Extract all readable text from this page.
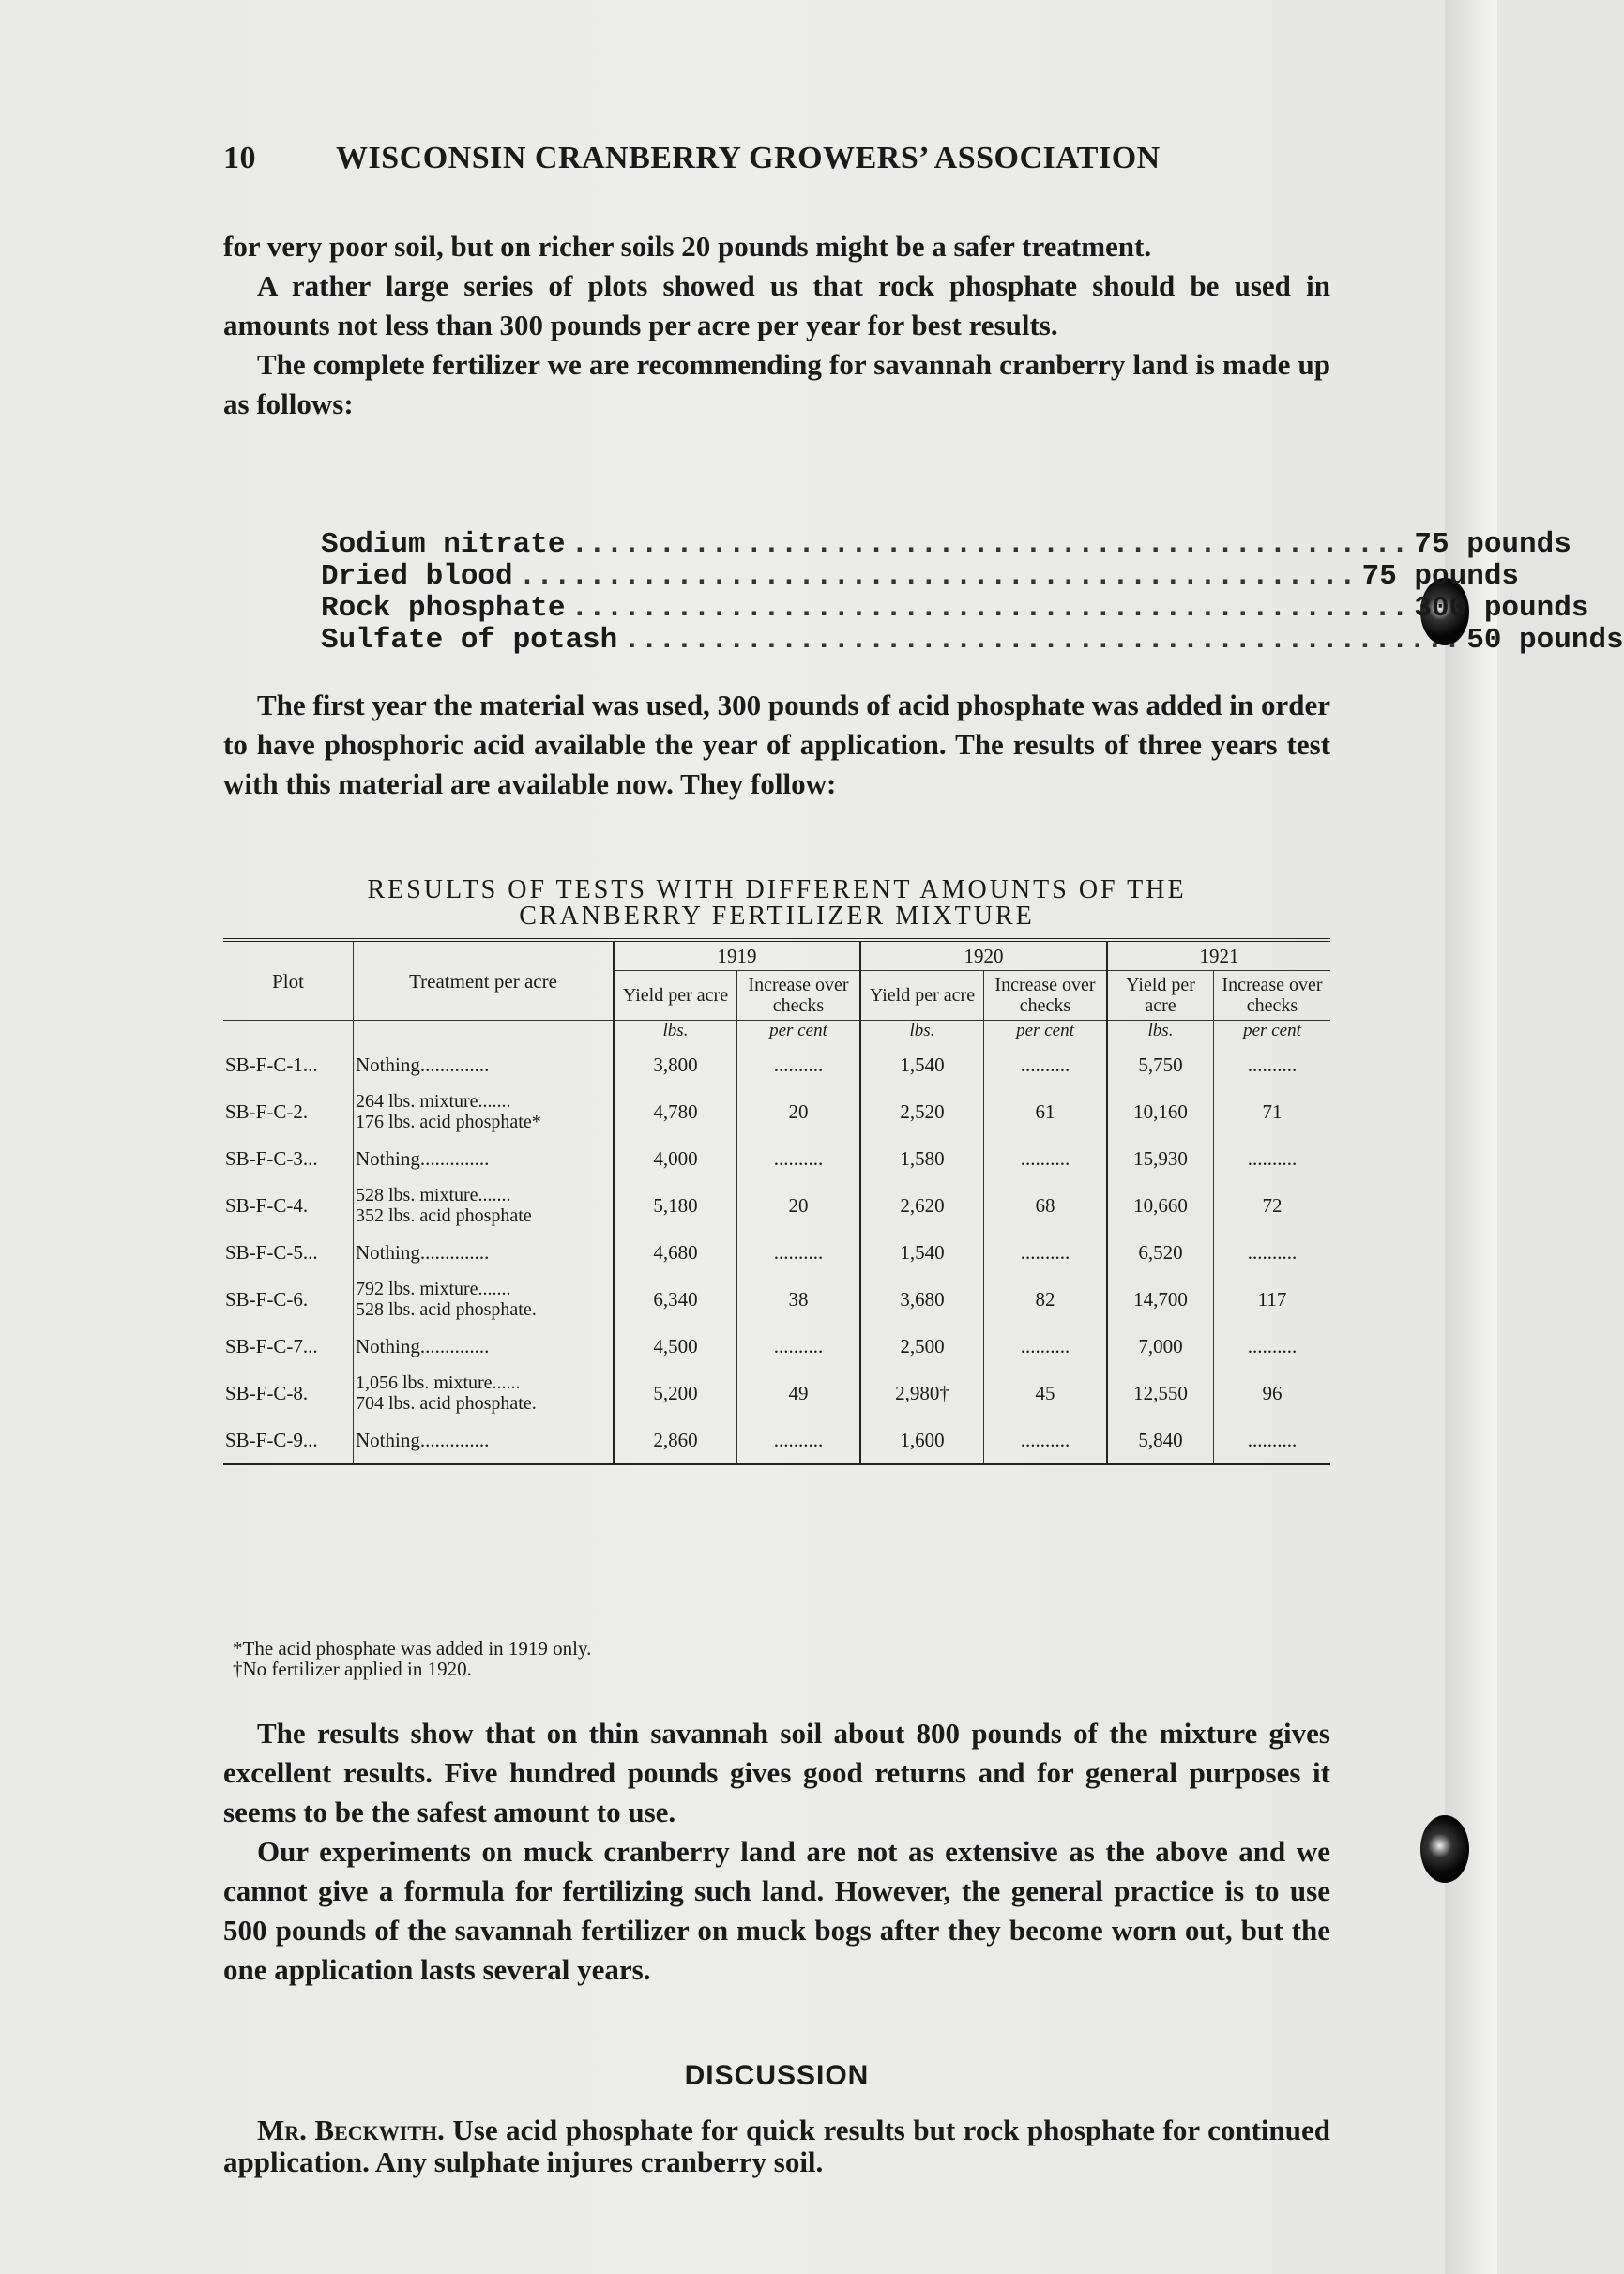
10	WISCONSIN CRANBERRY GROWERS’ ASSOCIATION

for very poor soil, but on richer soils 20 pounds might be a safer treatment.

A rather large series of plots showed us that rock phosphate should be used in amounts not less than 300 pounds per acre per year for best results.

The complete fertilizer we are recommending for savannah cranberry land is made up as follows:

Sodium nitrate ................................................ 75 pounds
Dried blood ................................................ 75 pounds
Rock phosphate ................................................ 300 pounds
Sulfate of potash ................................................ 50 pounds
The first year the material was used, 300 pounds of acid phosphate was added in order to have phosphoric acid available the year of application. The results of three years test with this material are available now. They follow:
RESULTS OF TESTS WITH DIFFERENT AMOUNTS OF THE
CRANBERRY FERTILIZER MIXTURE
Plot	Treatment per acre	1919		1920		1921	
		Yield per acre	Increase over checks	Yield per acre	Increase over checks	Yield per acre	Increase over checks
		lbs.	per cent	lbs.	per cent	lbs.	per cent
SB-F-C-1...	Nothing..............	3,800	..........	1,540	..........	5,750	..........
SB-F-C-2.	264 lbs. mixture.......
176 lbs. acid phosphate*	4,780	20	2,520	61	10,160	71
SB-F-C-3...	Nothing..............	4,000	..........	1,580	..........	15,930	..........
SB-F-C-4.	528 lbs. mixture.......
352 lbs. acid phosphate	5,180	20	2,620	68	10,660	72
SB-F-C-5...	Nothing..............	4,680	..........	1,540	..........	6,520	..........
SB-F-C-6.	792 lbs. mixture.......
528 lbs. acid phosphate.	6,340	38	3,680	82	14,700	117
SB-F-C-7...	Nothing..............	4,500	..........	2,500	..........	7,000	..........
SB-F-C-8.	1,056 lbs. mixture......
704 lbs. acid phosphate.	5,200	49	2,980†	45	12,550	96
SB-F-C-9...	Nothing..............	2,860	..........	1,600	..........	5,840	..........
*The acid phosphate was added in 1919 only.
†No fertilizer applied in 1920.

The results show that on thin savannah soil about 800 pounds of the mixture gives excellent results. Five hundred pounds gives good returns and for general purposes it seems to be the safest amount to use.

Our experiments on muck cranberry land are not as extensive as the above and we cannot give a formula for fertilizing such land. However, the general practice is to use 500 pounds of the savannah fertilizer on muck bogs after they become worn out, but the one application lasts several years.

DISCUSSION
Mr. Beckwith. Use acid phosphate for quick results but rock phosphate for continued application. Any sulphate injures cranberry soil.
